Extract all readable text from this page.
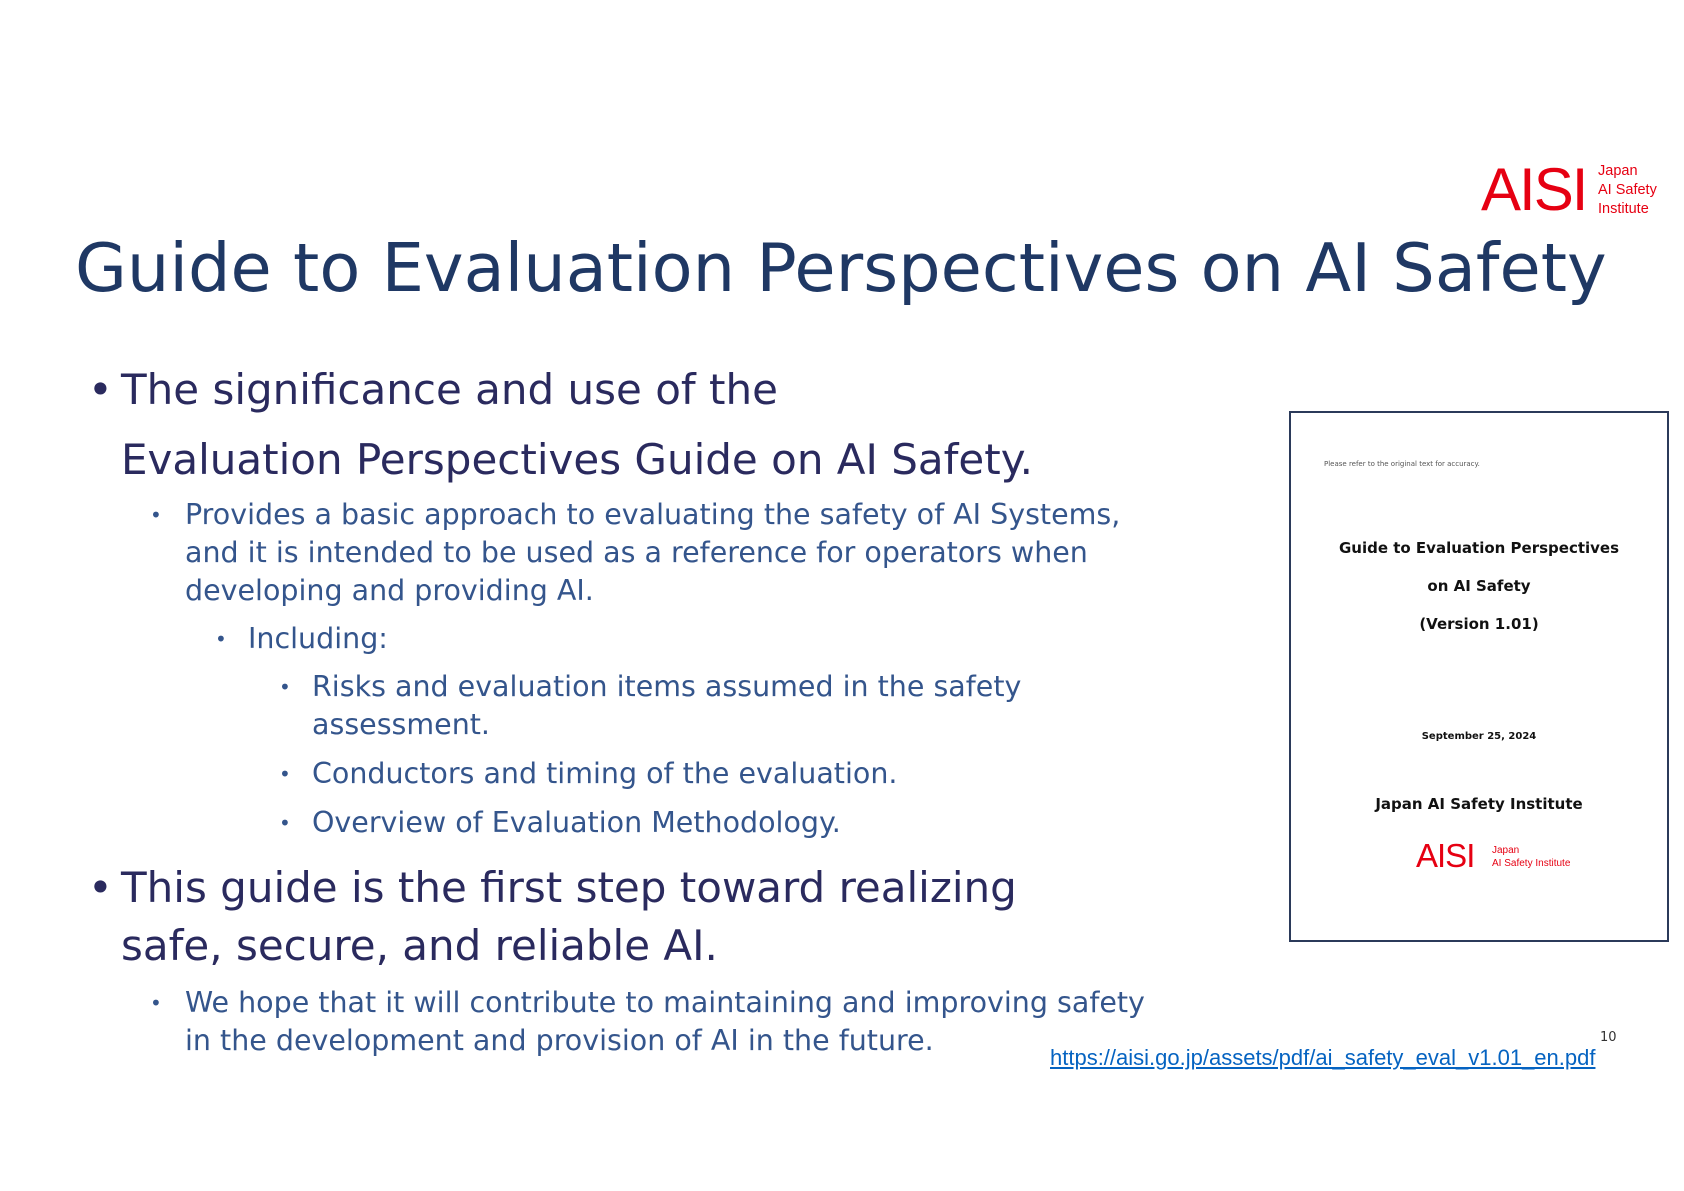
AISI Japan
AI Safety
Institute
Guide to Evaluation Perspectives on AI Safety
• The significance and use of the
Evaluation Perspectives Guide on AI Safety.
• Provides a basic approach to evaluating the safety of AI Systems,
and it is intended to be used as a reference for operators when
developing and providing AI.
• Including:
• Risks and evaluation items assumed in the safety
assessment.
• Conductors and timing of the evaluation.
• Overview of Evaluation Methodology.
• This guide is the first step toward realizing
safe, secure, and reliable AI.
• We hope that it will contribute to maintaining and improving safety
in the development and provision of AI in the future.
Please refer to the original text for accuracy.
Guide to Evaluation Perspectives
on AI Safety
(Version 1.01)
September 25, 2024
Japan AI Safety Institute
AISI Japan
AI Safety Institute
10
https://aisi.go.jp/assets/pdf/ai_safety_eval_v1.01_en.pdf
